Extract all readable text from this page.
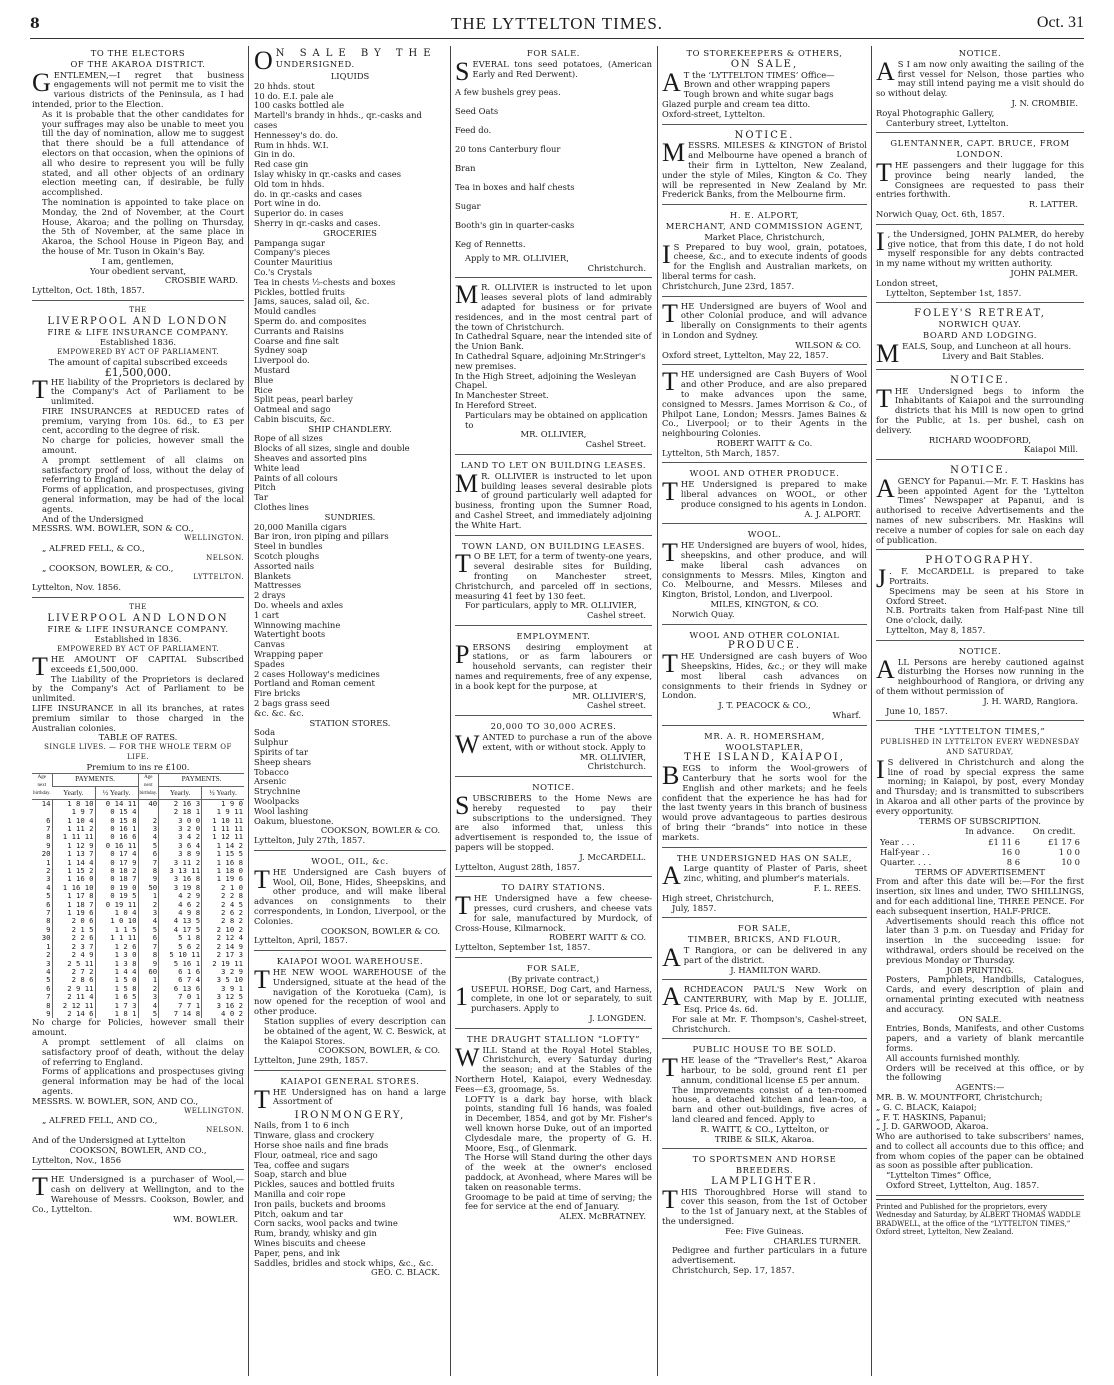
8	THE LYTTELTON TIMES.	Oct. 31
TO THE ELECTORS
OF THE AKAROA DISTRICT.
GENTLEMEN,—I regret that business engagements will not permit me to visit the various districts of the Peninsula, as I had intended, prior to the Election.
As it is probable that the other candidates for your suffrages may also be unable to meet you till the day of nomination, allow me to suggest that there should be a full attendance of electors on that occasion, when the opinions of all who desire to represent you will be fully stated, and all other objects of an ordinary election meeting can, if desirable, be fully accomplished.
The nomination is appointed to take place on Monday, the 2nd of November, at the Court House, Akaroa; and the polling on Thursday, the 5th of November, at the same place in Akaroa, the School House in Pigeon Bay, and the house of Mr. Tuson in Okain's Bay.
I am, gentlemen,
Your obedient servant,
CROSBIE WARD.
Lyttelton, Oct. 18th, 1857.
THE
LIVERPOOL AND LONDON
FIRE & LIFE INSURANCE COMPANY.
Established 1836.
EMPOWERED BY ACT OF PARLIAMENT.
The amount of capital subscribed exceeds
£1,500,000.
THE liability of the Proprietors is declared by the Company's Act of Parliament to be unlimited.
FIRE INSURANCES at REDUCED rates of premium, varying from 10s. 6d., to £3 per cent, according to the degree of risk.
No charge for policies, however small the amount.
A prompt settlement of all claims on satisfactory proof of loss, without the delay of referring to England.
Forms of application, and prospectuses, giving general information, may be had of the local agents.
And of the Undersigned
MESSRS. WM. BOWLER, SON & CO.,
WELLINGTON.
„ ALFRED FELL, & CO.,
NELSON.
„ COOKSON, BOWLER, & CO.,
LYTTELTON.
Lyttelton, Nov. 1856.
THE
LIVERPOOL AND LONDON
FIRE & LIFE INSURANCE COMPANY.
Established in 1836.
EMPOWERED BY ACT OF PARLIAMENT.
THE AMOUNT OF CAPITAL Subscribed exceeds £1,500,000.
The Liability of the Proprietors is declared by the Company's Act of Parliament to be unlimited.
LIFE INSURANCE in all its branches, at rates premium similar to those charged in the Australian colonies.
TABLE OF RATES.
SINGLE LIVES. — FOR THE WHOLE TERM OF LIFE.
Premium to ins re £100.
Age next birthday.	PAYMENTS.		Age next birthday.	PAYMENTS.	
	Yearly.	½ Yearly.		Yearly.	½ Yearly.
14	1 8 10	0 14 11	40	2 16 3	1 9 0
	1 9 7	0 15 4		2 18 1	1 9 11
6	1 10 4	0 15 8	2	3 0 0	1 10 11
7	1 11 2	0 16 1	3	3 2 0	1 11 11
8	1 11 11	0 16 6	4	3 4 2	1 12 11
9	1 12 9	0 16 11	5	3 6 4	1 14 2
20	1 13 7	0 17 4	6	3 8 9	1 15 5
1	1 14 4	0 17 9	7	3 11 2	1 16 8
2	1 15 2	0 18 2	8	3 13 11	1 18 0
3	1 16 0	0 18 7	9	3 16 8	1 19 6
4	1 16 10	0 19 0	50	3 19 8	2 1 0
5	1 17 8	0 19 5	1	4 2 9	2 2 8
6	1 18 7	0 19 11	2	4 6 2	2 4 5
7	1 19 6	1 0 4	3	4 9 8	2 6 2
8	2 0 6	1 0 10	4	4 13 5	2 8 2
9	2 1 5	1 1 5	5	4 17 5	2 10 2
30	2 2 6	1 1 11	6	5 1 8	2 12 4
1	2 3 7	1 2 6	7	5 6 2	2 14 9
2	2 4 9	1 3 0	8	5 10 11	2 17 3
3	2 5 11	1 3 8	9	5 16 1	2 19 11
4	2 7 2	1 4 4	60	6 1 6	3 2 9
5	2 8 6	1 5 0	1	6 7 4	3 5 10
6	2 9 11	1 5 8	2	6 13 6	3 9 1
7	2 11 4	1 6 5	3	7 0 1	3 12 5
8	2 12 11	1 7 3	4	7 7 1	3 16 2
9	2 14 6	1 8 1	5	7 14 8	4 0 2
No charge for Policies, however small their amount.
A prompt settlement of all claims on satisfactory proof of death, without the delay of referring to England.
Forms of applications and prospectuses giving general information may be had of the local agents.
MESSRS. W. BOWLER, SON, AND CO.,
WELLINGTON.
„ ALFRED FELL, AND CO.,
NELSON.
And of the Undersigned at Lyttelton
COOKSON, BOWLER, AND CO.,
Lyttelton, Nov., 1856
THE Undersigned is a purchaser of Wool,—cash on delivery at Wellington, and to the Warehouse of Messrs. Cookson, Bowler, and Co., Lyttelton.
WM. BOWLER.
O N SALE BY THE
UNDERSIGNED.
LIQUIDS
20 hhds. stout
10 do. E.I. pale ale
100 casks bottled ale
Martell's brandy in hhds., qr.-casks and cases
Hennessey's do. do.
Rum in hhds. W.I.
Gin in do.
Red case gin
Islay whisky in qr.-casks and cases
Old tom in hhds.
do. in qr.-casks and cases
Port wine in do.
Superior do. in cases
Sherry in qr.-casks and cases.
GROCERIES
Pampanga sugar
Company's pieces
Counter Mauritius
Co.'s Crystals
Tea in chests ½-chests and boxes
Pickles, bottled fruits
Jams, sauces, salad oil, &c.
Mould candles
Sperm do. and composites
Currants and Raisins
Coarse and fine salt
Sydney soap
Liverpool do.
Mustard
Blue
Rice
Split peas, pearl barley
Oatmeal and sago
Cabin biscuits, &c.
SHIP CHANDLERY.
Rope of all sizes
Blocks of all sizes, single and double
Sheaves and assorted pins
White lead
Paints of all colours
Pitch
Tar
Clothes lines
SUNDRIES.
20,000 Manilla cigars
Bar iron, iron piping and pillars
Steel in bundles
Scotch ploughs
Assorted nails
Blankets
Mattresses
2 drays
Do. wheels and axles
1 cart
Winnowing machine
Watertight boots
Canvas
Wrapping paper
Spades
2 cases Holloway's medicines
Portland and Roman cement
Fire bricks
2 bags grass seed
&c. &c. &c.
STATION STORES.
Soda
Sulphur
Spirits of tar
Sheep shears
Tobacco
Arsenic
Strychnine
Woolpacks
Wool lashing
Oakum, bluestone.
COOKSON, BOWLER & CO.
Lyttelton, July 27th, 1857.
WOOL, OIL, &c.
THE Undersigned are Cash buyers of Wool, Oil, Bone, Hides, Sheepskins, and other produce, and will make liberal advances on consignments to their correspondents, in London, Liverpool, or the Colonies.
COOKSON, BOWLER & CO.
Lyttelton, April, 1857.
KAIAPOI WOOL WAREHOUSE.
THE NEW WOOL WAREHOUSE of the Undersigned, situate at the head of the navigation of the Korotueka (Cam), is now opened for the reception of wool and other produce.
Station supplies of every description can be obtained of the agent, W. C. Beswick, at the Kaiapoi Stores.
COOKSON, BOWLER, & CO.
Lyttelton, June 29th, 1857.
KAIAPOI GENERAL STORES.
THE Undersigned has on hand a large Assortment of
IRONMONGERY,
Nails, from 1 to 6 inch
Tinware, glass and crockery
Horse shoe nails and fine brads
Flour, oatmeal, rice and sago
Tea, coffee and sugars
Soap, starch and blue
Pickles, sauces and bottled fruits
Manilla and coir rope
Iron pails, buckets and brooms
Pitch, oakum and tar
Corn sacks, wool packs and twine
Rum, brandy, whisky and gin
Wines biscuits and cheese
Paper, pens, and ink
Saddles, bridles and stock whips, &c., &c.
GEO. C. BLACK.
FOR SALE.
SEVERAL tons seed potatoes, (American Early and Red Derwent).
A few bushels grey peas.
Seed Oats
Feed do.
20 tons Canterbury flour
Bran
Tea in boxes and half chests
Sugar
Booth's gin in quarter-casks
Keg of Rennetts.
Apply to MR. OLLIVIER,
Christchurch.
M R. OLLIVIER is instructed to let upon leases several plots of land admirably adapted for business or for private residences, and in the most central part of the town of Christchurch.
In Cathedral Square, near the intended site of the Union Bank.
In Cathedral Square, adjoining Mr.Stringer's new premises.
In the High Street, adjoining the Wesleyan Chapel.
In Manchester Street.
In Hereford Street.
Particulars may be obtained on application to
MR. OLLIVIER,
Cashel Street.
LAND TO LET ON BUILDING LEASES.
M R. OLLIVIER is instructed to let upon building leases several desirable plots of ground particularly well adapted for business, fronting upon the Sumner Road, and Cashel Street, and immediately adjoining the White Hart.
TOWN LAND, ON BUILDING LEASES.
T O BE LET, for a term of twenty-one years, several desirable sites for Building, fronting on Manchester street, Christchurch, and parceled off in sections, measuring 41 feet by 130 feet.
For particulars, apply to MR. OLLIVIER,
Cashel street.
EMPLOYMENT.
PERSONS desiring employment at stations, or as farm labourers or household servants, can register their names and requirements, free of any expense, in a book kept for the purpose, at
MR. OLLIVIER'S,
Cashel street.
20,000 TO 30,000 ACRES.
WANTED to purchase a run of the above extent, with or without stock. Apply to
MR. OLLIVIER,
Christchurch.
NOTICE.
SUBSCRIBERS to the Home News are hereby requested to pay their subscriptions to the undersigned. They are also informed that, unless this advertisement is responded to, the issue of papers will be stopped.
J. McCARDELL.
Lyttelton, August 28th, 1857.
TO DAIRY STATIONS.
THE Undersigned have a few cheese-presses, curd crushers, and cheese vats for sale, manufactured by Murdock, of Cross-House, Kilmarnock.
ROBERT WAITT & CO.
Lyttelton, September 1st, 1857.
FOR SALE,
(By private contract,)
1 USEFUL HORSE, Dog Cart, and Harness, complete, in one lot or separately, to suit purchasers. Apply to
J. LONGDEN.
THE DRAUGHT STALLION “LOFTY”
WILL Stand at the Royal Hotel Stables, Christchurch, every Saturday during the season; and at the Stables of the Northern Hotel, Kaiapoi, every Wednesday. Fees—£3, groomage, 5s.
LOFTY is a dark bay horse, with black points, standing full 16 hands, was foaled in December, 1854, and got by Mr. Fisher's well known horse Duke, out of an imported Clydesdale mare, the property of G. H. Moore, Esq., of Glenmark.
The Horse will Stand during the other days of the week at the owner's enclosed paddock, at Avonhead, where Mares will be taken on reasonable terms.
Groomage to be paid at time of serving; the fee for service at the end of January.
ALEX. McBRATNEY.
TO STOREKEEPERS & OTHERS,
ON SALE,
A T the ‘LYTTELTON TIMES’ Office—
Brown and other wrapping papers
Tough brown and white sugar bags
Glazed purple and cream tea ditto.
Oxford-street, Lyttelton.
NOTICE.
MESSRS. MILESES & KINGTON of Bristol and Melbourne have opened a branch of their firm in Lyttelton, New Zealand, under the style of Miles, Kington & Co. They will be represented in New Zealand by Mr. Frederick Banks, from the Melbourne firm.
H. E. ALPORT,
MERCHANT, AND COMMISSION AGENT,
Market Place, Christchurch,
I S Prepared to buy wool, grain, potatoes, cheese, &c., and to execute indents of goods for the English and Australian markets, on liberal terms for cash.
Christchurch, June 23rd, 1857.
THE Undersigned are buyers of Wool and other Colonial produce, and will advance liberally on Consignments to their agents in London and Sydney.
WILSON & CO.
Oxford street, Lyttelton, May 22, 1857.
THE undersigned are Cash Buyers of Wool and other Produce, and are also prepared to make advances upon the same, consigned to Messrs. James Morrison & Co., of Philpot Lane, London; Messrs. James Baines & Co., Liverpool; or to their Agents in the neighbouring Colonies.
ROBERT WAITT & Co.
Lyttelton, 5th March, 1857.
WOOL AND OTHER PRODUCE.
THE Undersigned is prepared to make liberal advances on WOOL, or other produce consigned to his agents in London.
A. J. ALPORT.
WOOL.
THE Undersigned are buyers of wool, hides, sheepskins, and other produce, and will make liberal cash advances on consignments to Messrs. Miles, Kington and Co. Melbourne, and Messrs. Mileses and Kington, Bristol, London, and Liverpool.
MILES, KINGTON, & CO.
Norwich Quay.
WOOL AND OTHER COLONIAL
PRODUCE.
THE Undersigned are cash buyers of Woo Sheepskins, Hides, &c.; or they will make most liberal cash advances on consignments to their friends in Sydney or London.
J. T. PEACOCK & CO.,
Wharf.
MR. A. R. HOMERSHAM,
WOOLSTAPLER,
THE ISLAND, KAIAPOI,
BEGS to inform the Wool-growers of Canterbury that he sorts wool for the English and other markets; and he feels confident that the experience he has had for the last twenty years in this branch of business would prove advantageous to parties desirous of bring their “brands” into notice in these markets.
THE UNDERSIGNED HAS ON SALE,
A Large quantity of Plaster of Paris, sheet zinc, whiting, and plumber's materials.
F. L. REES.
High street, Christchurch,
July, 1857.
FOR SALE,
TIMBER, BRICKS, AND FLOUR,
A T Rangiora, or can be delivered in any part of the district.
J. HAMILTON WARD.
ARCHDEACON PAUL'S New Work on CANTERBURY, with Map by E. JOLLIE, Esq. Price 4s. 6d.
For sale at Mr. F. Thompson's, Cashel-street, Christchurch.
PUBLIC HOUSE TO BE SOLD.
THE lease of the “Traveller's Rest,” Akaroa harbour, to be sold, ground rent £1 per annum, conditional license £5 per annum.
The improvements consist of a ten-roomed house, a detached kitchen and lean-too, a barn and other out-buildings, five acres of land cleared and fenced. Apply to
R. WAITT, & CO., Lyttelton, or
TRIBE & SILK, Akaroa.
TO SPORTSMEN AND HORSE
BREEDERS.
LAMPLIGHTER.
THIS Thoroughbred Horse will stand to cover this season, from the 1st of October to the 1st of January next, at the Stables of the undersigned.
Fee: Five Guineas.
CHARLES TURNER.
Pedigree and further particulars in a future advertisement.
Christchurch, Sep. 17, 1857.
NOTICE.
A S I am now only awaiting the sailing of the first vessel for Nelson, those parties who may still intend paying me a visit should do so without delay.
J. N. CROMBIE.
Royal Photographic Gallery,
Canterbury street, Lyttelton.
GLENTANNER, CAPT. BRUCE, FROM
LONDON.
THE passengers and their luggage for this province being nearly landed, the Consignees are requested to pass their entries forthwith.
R. LATTER.
Norwich Quay, Oct. 6th, 1857.
I , the Undersigned, JOHN PALMER, do hereby give notice, that from this date, I do not hold myself responsible for any debts contracted in my name without my written authority.
JOHN PALMER.
London street,
Lyttelton, September 1st, 1857.
FOLEY'S RETREAT,
NORWICH QUAY.
BOARD AND LODGING.
MEALS, Soup, and Luncheon at all hours.
Livery and Bait Stables.
NOTICE.
THE Undersigned begs to inform the Inhabitants of Kaiapoi and the surrounding districts that his Mill is now open to grind for the Public, at 1s. per bushel, cash on delivery.
RICHARD WOODFORD,
Kaiapoi Mill.
NOTICE.
AGENCY for Papanui.—Mr. F. T. Haskins has been appointed Agent for the ‘Lyttelton Times’ Newspaper at Papanui, and is authorised to receive Advertisements and the names of new subscribers. Mr. Haskins will receive a number of copies for sale on each day of publication.
PHOTOGRAPHY.
J . F. McCARDELL is prepared to take Portraits.
Specimens may be seen at his Store in Oxford Street.
N.B. Portraits taken from Half-past Nine till One o'clock, daily.
Lyttelton, May 8, 1857.
NOTICE.
ALL Persons are hereby cautioned against disturbing the Horses now running in the neighbourhood of Rangiora, or driving any of them without permission of
J. H. WARD, Rangiora.
June 10, 1857.
THE “LYTTELTON TIMES,”
PUBLISHED IN LYTTELTON EVERY WEDNESDAY AND SATURDAY,
I S delivered in Christchurch and along the line of road by special express the same morning; in Kaiapoi, by post, every Monday and Thursday; and is transmitted to subscribers in Akaroa and all other parts of the province by every opportunity.
TERMS OF SUBSCRIPTION.
	In advance.	On credit.
Year . . .	£1 11 6	£1 17 6
Half-year . .	16 0	1 0 0
Quarter. . . .	8 6	10 0
TERMS OF ADVERTISEMENT
From and after this date will be:—For the first insertion, six lines and under, TWO SHILLINGS, and for each additional line, THREE PENCE. For each subsequent insertion, HALF-PRICE.
Advertisements should reach this office not later than 3 p.m. on Tuesday and Friday for insertion in the succeeding issue: for withdrawal, orders should be received on the previous Monday or Thursday.
JOB PRINTING.
Posters, Pamphlets, Handbills, Catalogues, Cards, and every description of plain and ornamental printing executed with neatness and accuracy.
ON SALE.
Entries, Bonds, Manifests, and other Customs papers, and a variety of blank mercantile forms.
All accounts furnished monthly.
Orders will be received at this office, or by the following
AGENTS:—
MR. B. W. MOUNTFORT, Christchurch;
„ G. C. BLACK, Kaiapoi;
„ F. T. HASKINS, Papanui;
„ J. D. GARWOOD, Akaroa.
Who are authorised to take subscribers' names, and to collect all accounts due to this office; and from whom copies of the paper can be obtained as soon as possible after publication.
“Lyttelton Times” Office,
Oxford Street, Lyttelton, Aug. 1857.
Printed and Published for the proprietors, every Wednesday and Saturday, by ALBERT THOMAS WADDLE BRADWELL, at the office of the “LYTTELTON TIMES,” Oxford street, Lyttelton, New Zealand.
